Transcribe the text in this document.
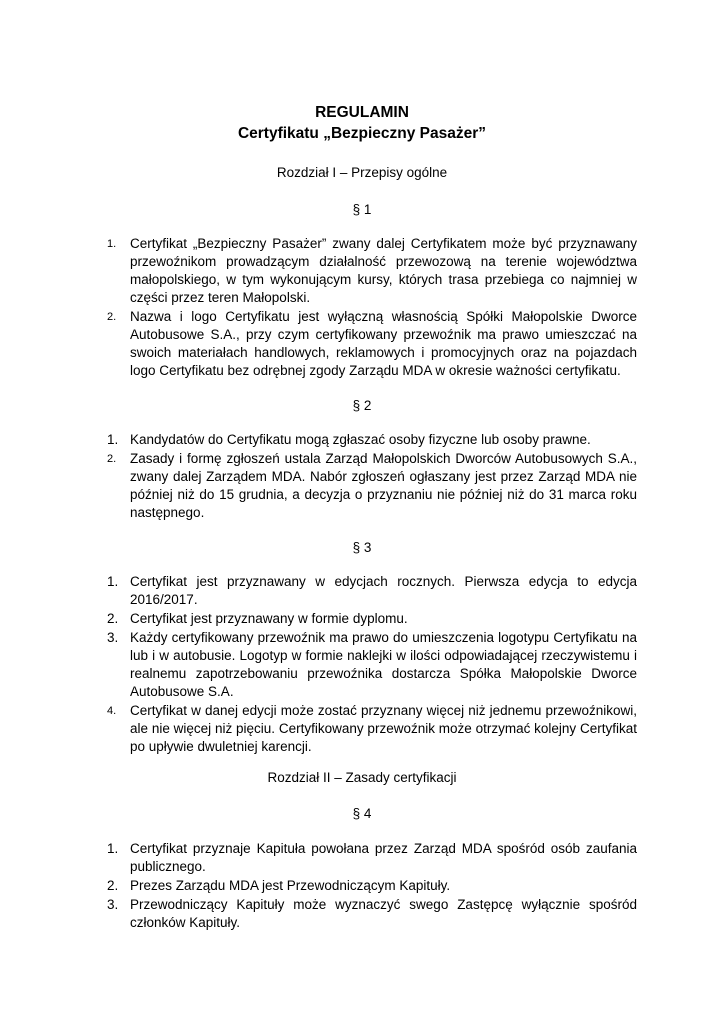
REGULAMIN
Certyfikatu „Bezpieczny Pasażer”
Rozdział I – Przepisy ogólne
§ 1
1.	Certyfikat „Bezpieczny Pasażer” zwany dalej Certyfikatem może być przyznawany przewoźnikom prowadzącym działalność przewozową na terenie województwa małopolskiego, w tym wykonującym kursy, których trasa przebiega co najmniej w części przez teren Małopolski.
2.	Nazwa i logo Certyfikatu jest wyłączną własnością Spółki Małopolskie Dworce Autobusowe S.A., przy czym certyfikowany przewoźnik ma prawo umieszczać na swoich materiałach handlowych, reklamowych i promocyjnych oraz na pojazdach logo Certyfikatu bez odrębnej zgody Zarządu MDA w okresie ważności certyfikatu.
§ 2
1. Kandydatów do Certyfikatu mogą zgłaszać osoby fizyczne lub osoby prawne.
2.	Zasady i formę zgłoszeń ustala Zarząd Małopolskich Dworców Autobusowych S.A., zwany dalej Zarządem MDA. Nabór zgłoszeń ogłaszany jest przez Zarząd MDA nie później niż do 15 grudnia, a decyzja o przyznaniu nie później niż do 31 marca roku następnego.
§ 3
1. Certyfikat jest przyznawany w edycjach rocznych. Pierwsza edycja to edycja 2016/2017.
2. Certyfikat jest przyznawany w formie dyplomu.
3. Każdy certyfikowany przewoźnik ma prawo do umieszczenia logotypu Certyfikatu na lub i w autobusie. Logotyp w formie naklejki w ilości odpowiadającej rzeczywistemu i realnemu zapotrzebowaniu przewoźnika dostarcza Spółka Małopolskie Dworce Autobusowe S.A.
4.	Certyfikat w danej edycji może zostać przyznany więcej niż jednemu przewoźnikowi, ale nie więcej niż pięciu. Certyfikowany przewoźnik może otrzymać kolejny Certyfikat po upływie dwuletniej karencji.
Rozdział II – Zasady certyfikacji
§ 4
1. Certyfikat przyznaje Kapituła powołana przez Zarząd MDA spośród osób zaufania publicznego.
2. Prezes Zarządu MDA jest Przewodniczącym Kapituły.
3. Przewodniczący Kapituły może wyznaczyć swego Zastępcę wyłącznie spośród członków Kapituły.
